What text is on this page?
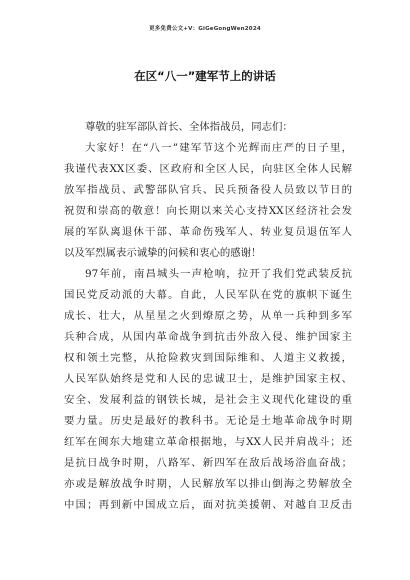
更多免费公文+V：GiGeGongWen2024
在区“八一”建军节上的讲话
尊敬的驻军部队首长、全体指战员，同志们：
大家好！在“八一”建军节这个光辉而庄严的日子里，
我谨代表XX区委、区政府和全区人民，向驻区全体人民解
放军指战员、武警部队官兵、民兵预备役人员致以节日的
祝贺和崇高的敬意！向长期以来关心支持XX区经济社会发
展的军队离退休干部、革命伤残军人、转业复员退伍军人
以及军烈属表示诚挚的问候和衷心的感谢！
97年前，南昌城头一声枪响，拉开了我们党武装反抗
国民党反动派的大幕。自此，人民军队在党的旗帜下诞生
成长、壮大，从星星之火到燎原之势，从单一兵种到多军
兵种合成，从国内革命战争到抗击外敌入侵、维护国家主
权和领土完整，从抢险救灾到国际维和、人道主义救援，
人民军队始终是党和人民的忠诚卫士，是维护国家主权、
安全、发展利益的钢铁长城，是社会主义现代化建设的重
要力量。历史是最好的教科书。无论是土地革命战争时期
红军在闽东大地建立革命根据地，与XX人民并肩战斗；还
是抗日战争时期，八路军、新四军在敌后战场浴血奋战；
亦或是解放战争时期，人民解放军以排山倒海之势解放全
中国；再到新中国成立后，面对抗美援朝、对越自卫反击
